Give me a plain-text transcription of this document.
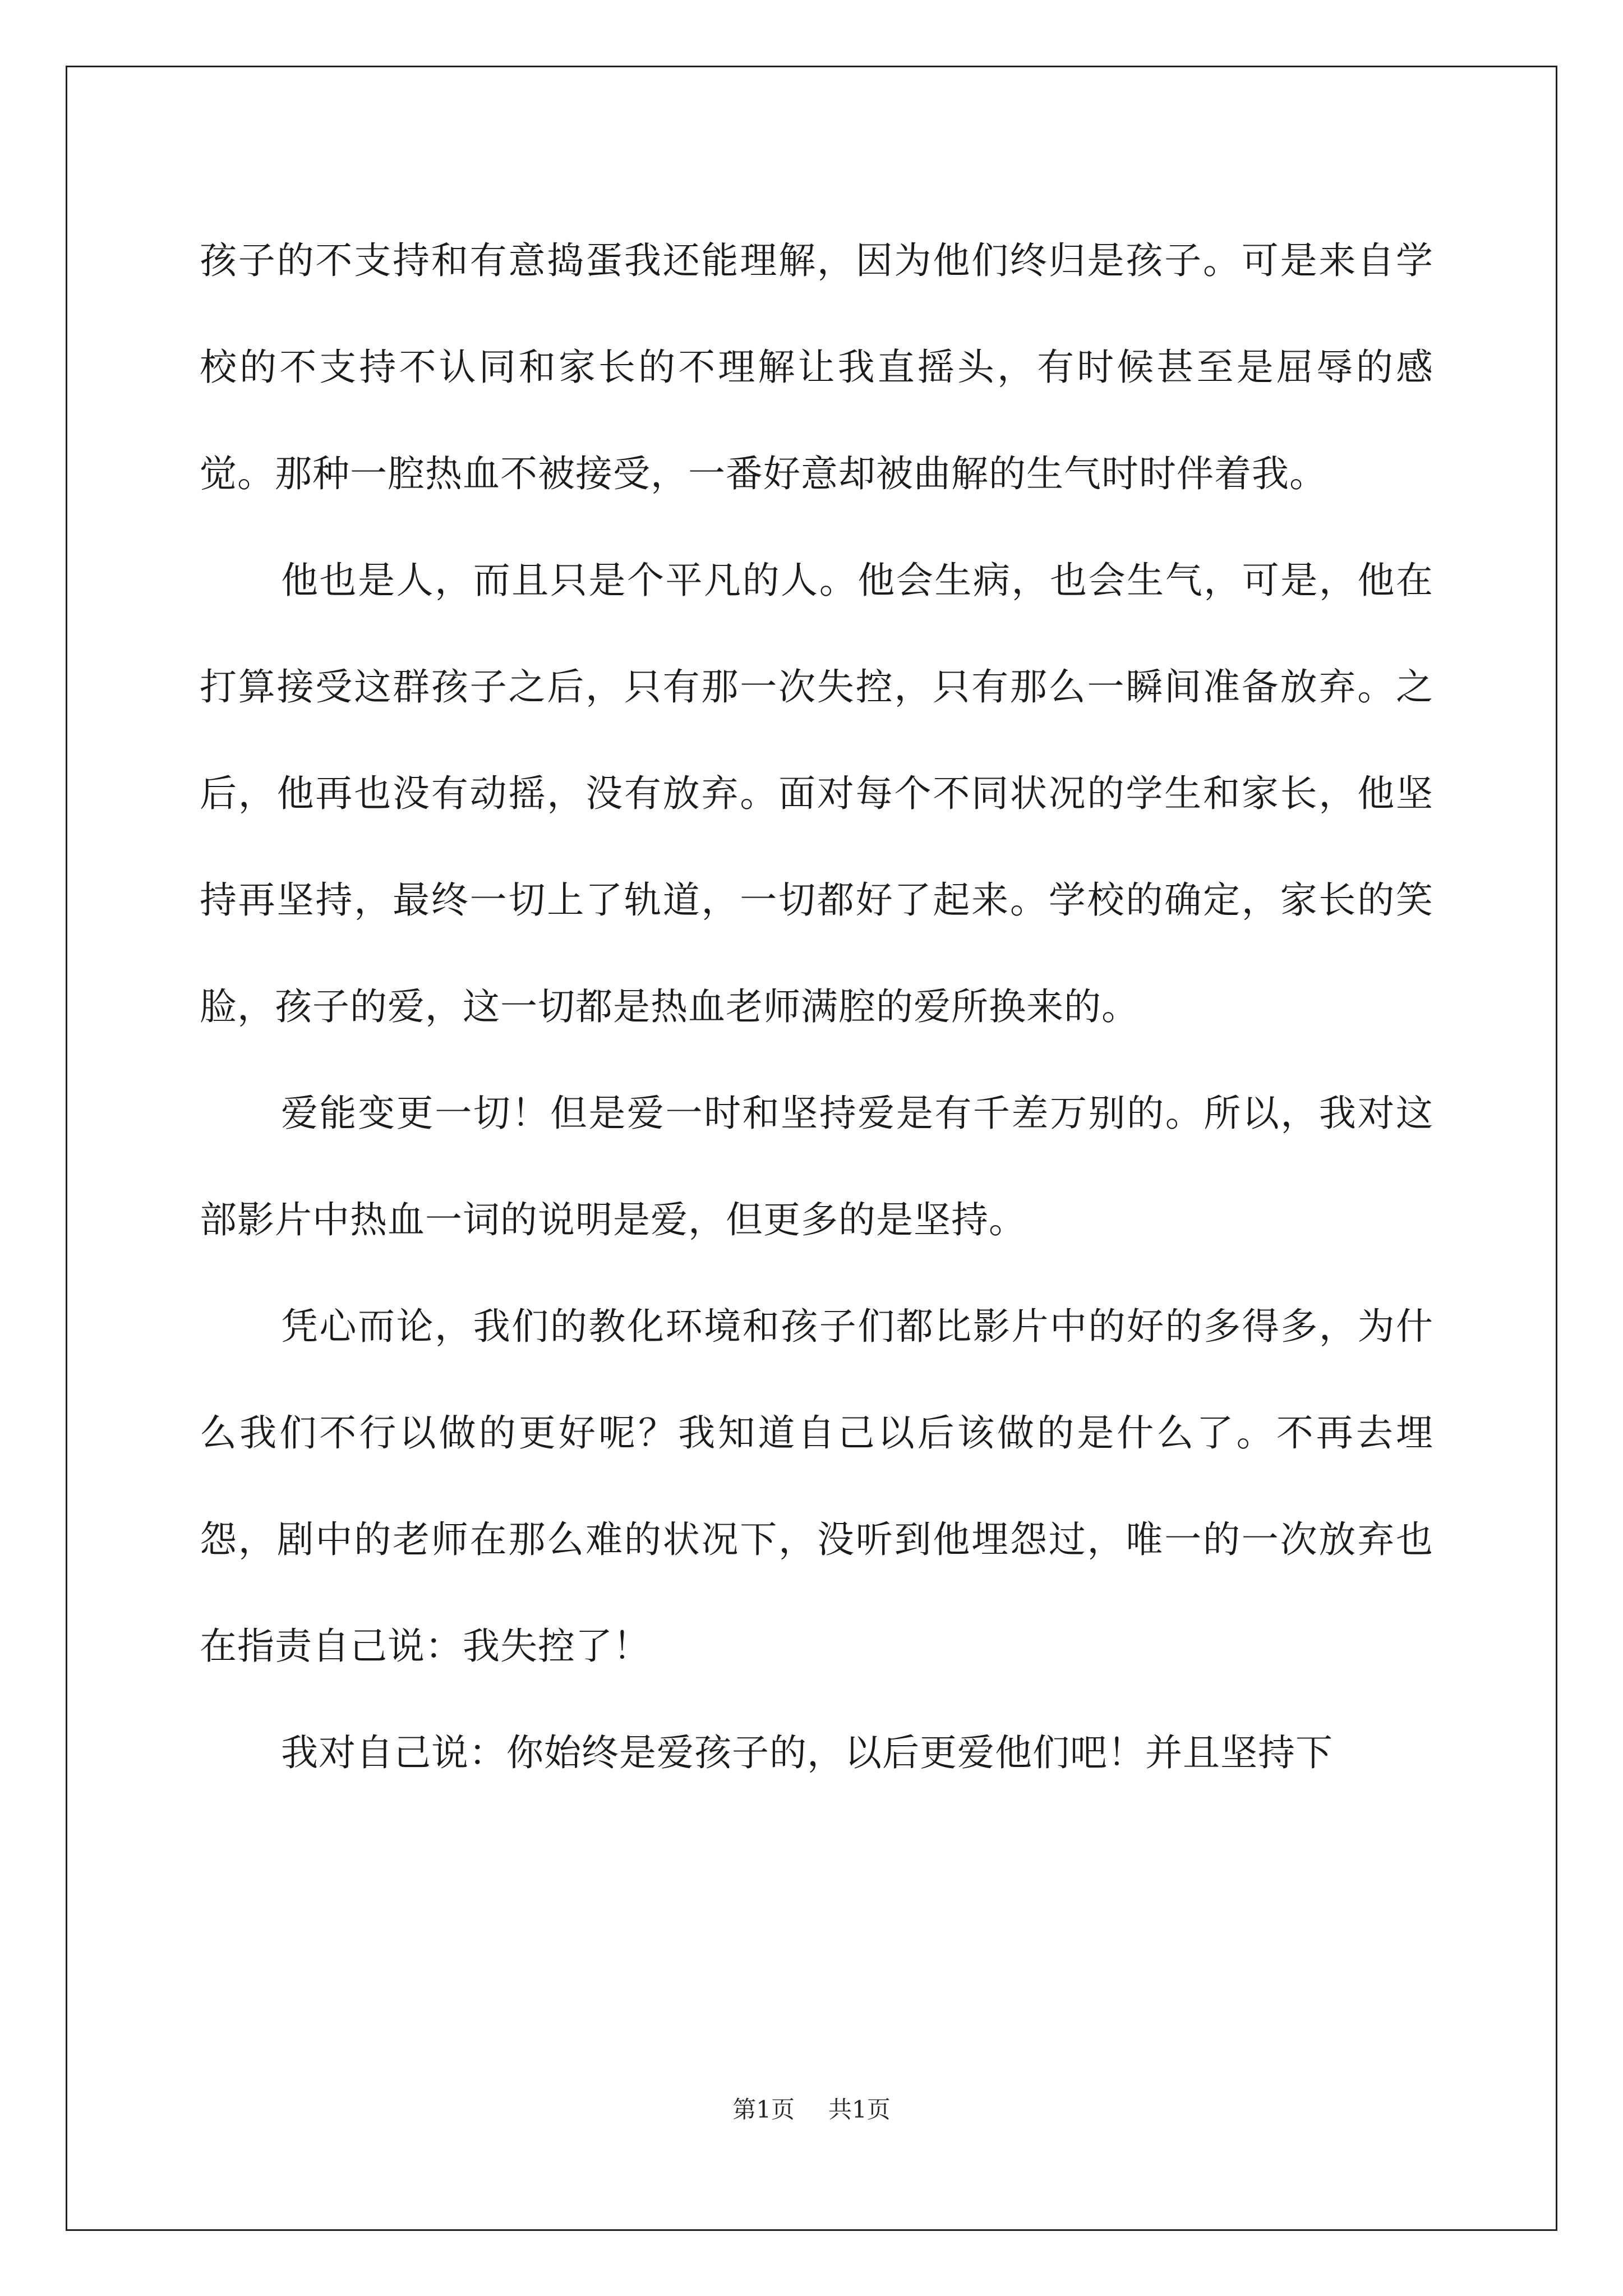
孩子的不支持和有意捣蛋我还能理解，因为他们终归是孩子。可是来自学校的不支持不认同和家长的不理解让我直摇头，有时候甚至是屈辱的感觉。那种一腔热血不被接受，一番好意却被曲解的生气时时伴着我。

他也是人，而且只是个平凡的人。他会生病，也会生气，可是，他在打算接受这群孩子之后，只有那一次失控，只有那么一瞬间准备放弃。之后，他再也没有动摇，没有放弃。面对每个不同状况的学生和家长，他坚持再坚持，最终一切上了轨道，一切都好了起来。学校的确定，家长的笑脸，孩子的爱，这一切都是热血老师满腔的爱所换来的。

爱能变更一切！但是爱一时和坚持爱是有千差万别的。所以，我对这部影片中热血一词的说明是爱，但更多的是坚持。

凭心而论，我们的教化环境和孩子们都比影片中的好的多得多，为什么我们不行以做的更好呢？我知道自己以后该做的是什么了。不再去埋怨，剧中的老师在那么难的状况下，没听到他埋怨过，唯一的一次放弃也在指责自己说：我失控了！

我对自己说：你始终是爱孩子的，以后更爱他们吧！并且坚持下

第1页 共1页
